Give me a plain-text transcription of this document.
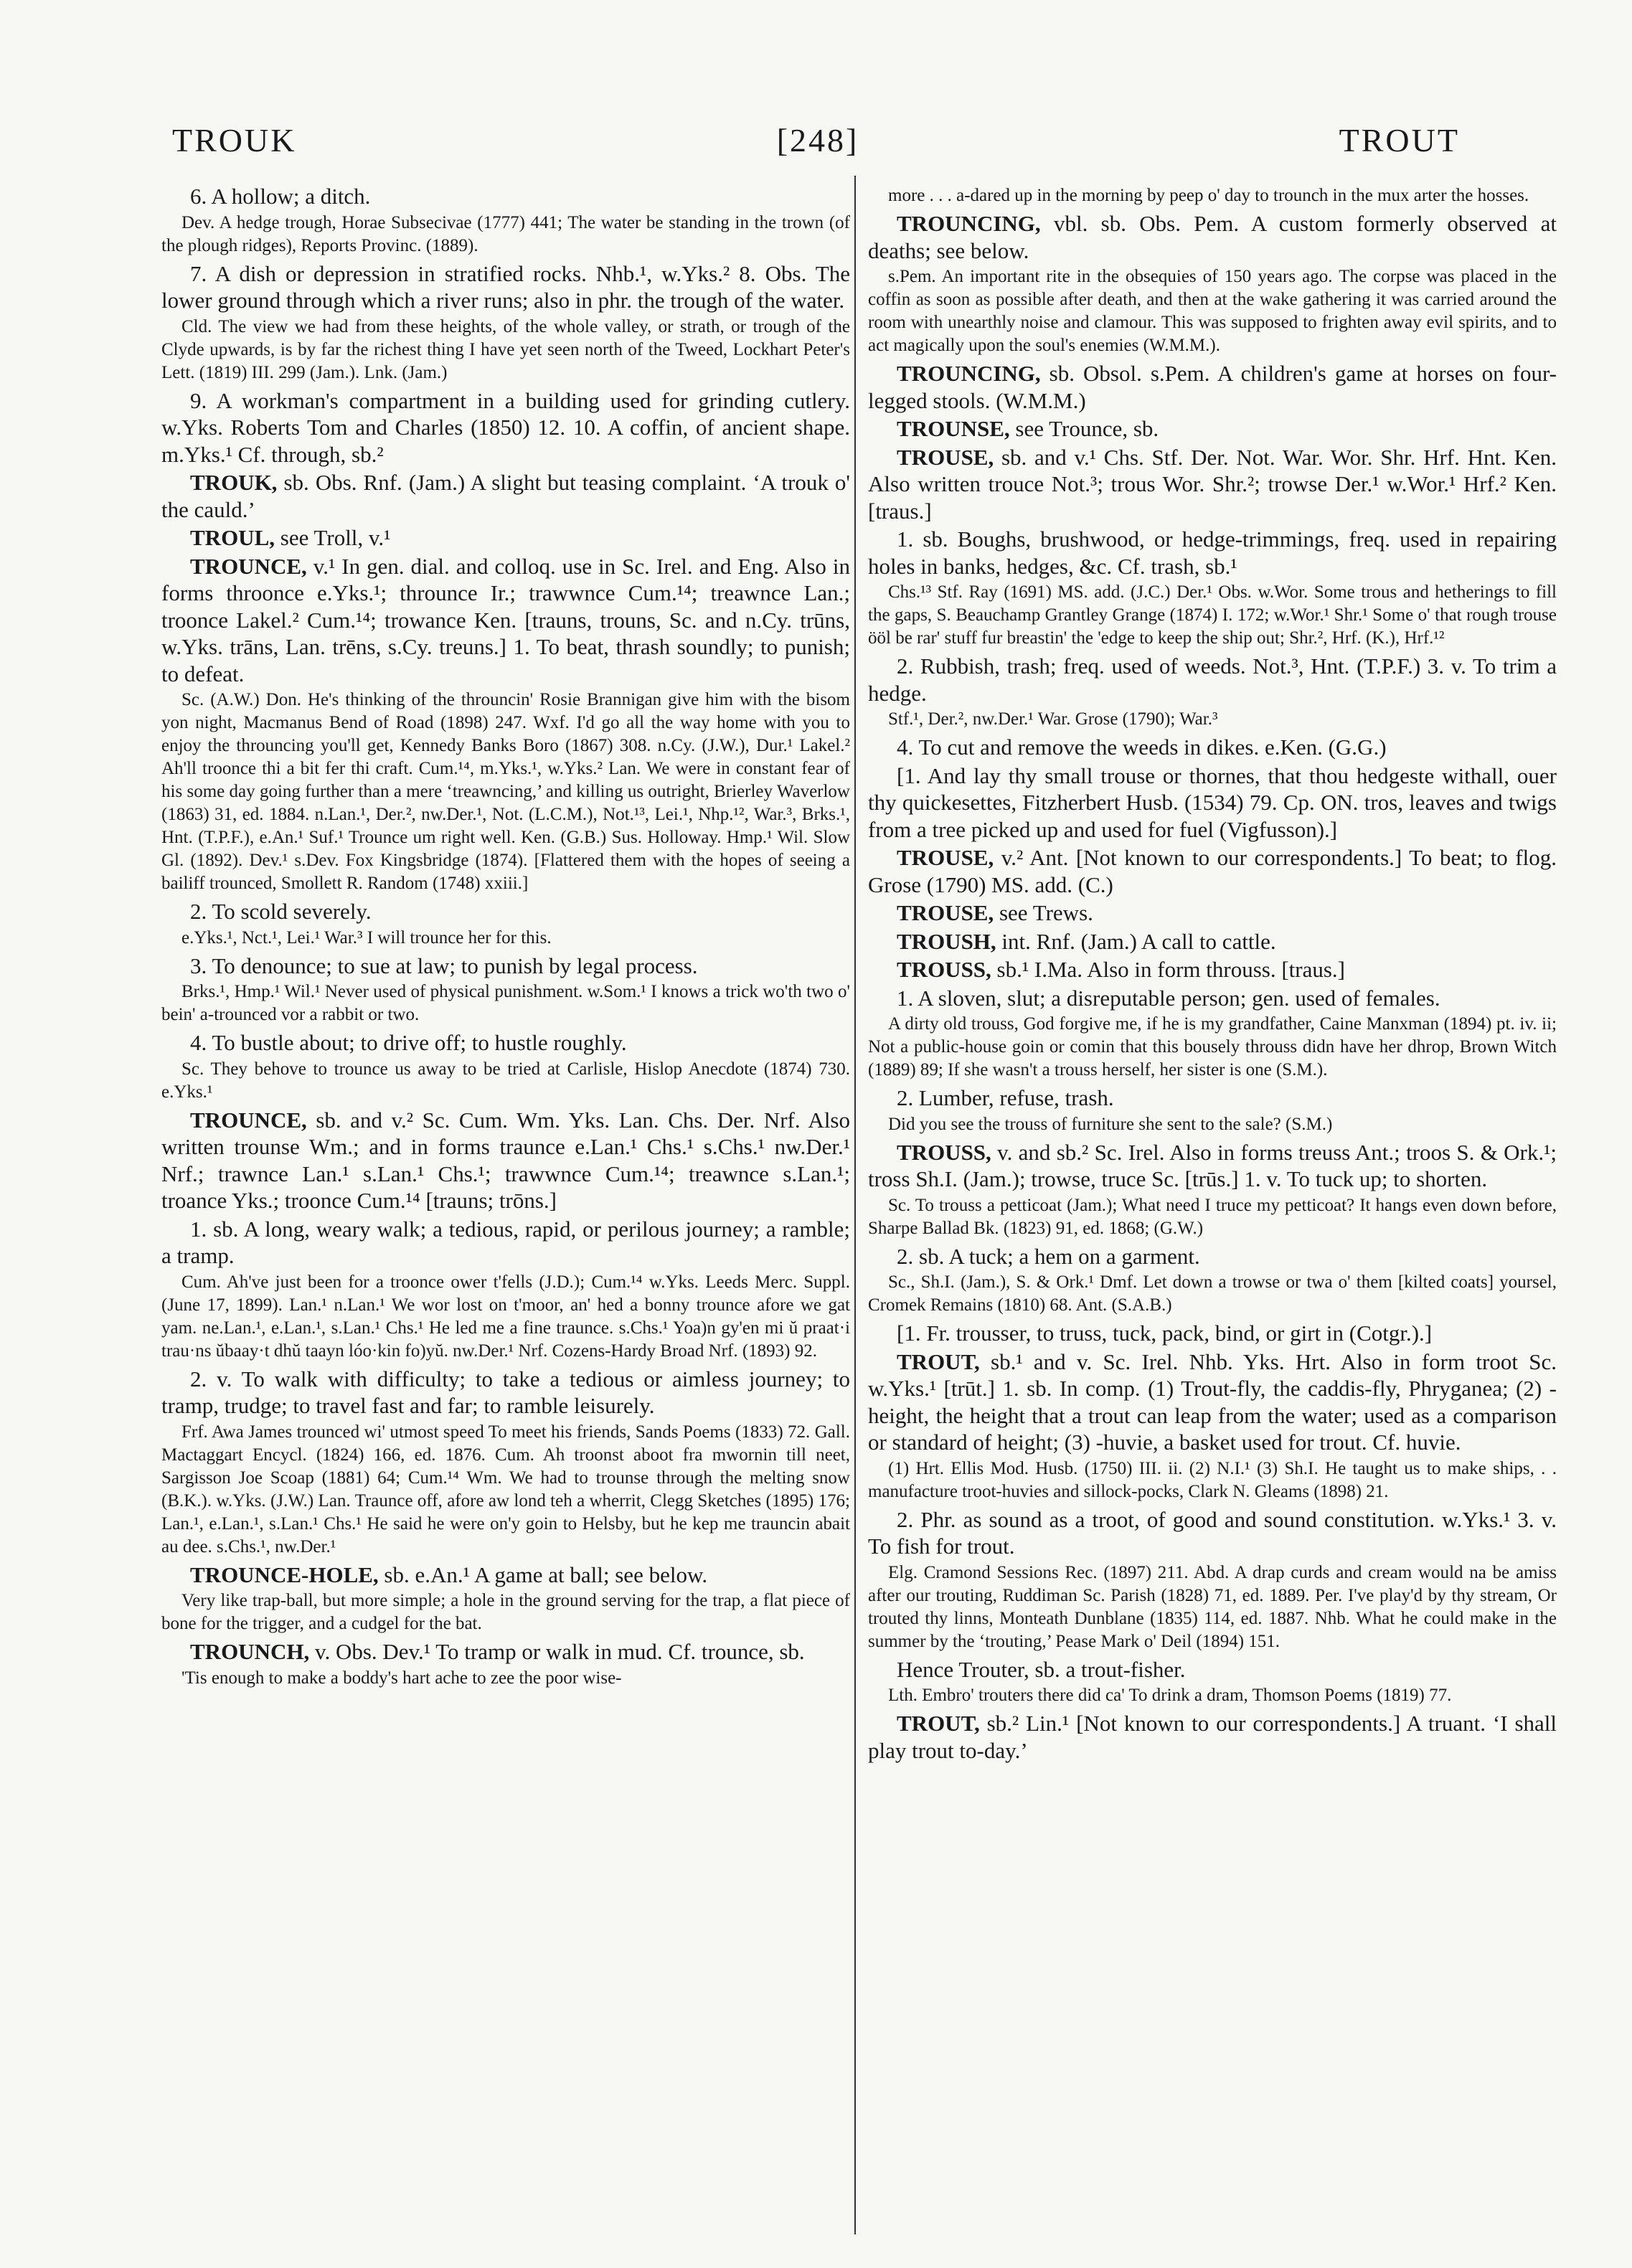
TROUK	[248]	TROUT
6. A hollow; a ditch.
Dev. A hedge trough, Horae Subsecivae (1777) 441; The water be standing in the trown (of the plough ridges), Reports Provinc. (1889).
7. A dish or depression in stratified rocks. Nhb.¹, w.Yks.² 8. Obs. The lower ground through which a river runs; also in phr. the trough of the water.
Cld. The view we had from these heights, of the whole valley, or strath, or trough of the Clyde upwards, is by far the richest thing I have yet seen north of the Tweed, Lockhart Peter's Lett. (1819) III. 299 (Jam.). Lnk. (Jam.)
9. A workman's compartment in a building used for grinding cutlery. w.Yks. Roberts Tom and Charles (1850) 12. 10. A coffin, of ancient shape. m.Yks.¹ Cf. through, sb.²
TROUK, sb. Obs. Rnf. (Jam.) A slight but teasing complaint. ‘A trouk o' the cauld.’
TROUL, see Troll, v.¹
TROUNCE, v.¹ In gen. dial. and colloq. use in Sc. Irel. and Eng. Also in forms throonce e.Yks.¹; throunce Ir.; trawwnce Cum.¹⁴; treawnce Lan.; troonce Lakel.² Cum.¹⁴; trowance Ken. [trauns, trouns, Sc. and n.Cy. trūns, w.Yks. trāns, Lan. trēns, s.Cy. treuns.] 1. To beat, thrash soundly; to punish; to defeat.
Sc. (A.W.) Don. He's thinking of the throuncin' Rosie Brannigan give him with the bisom yon night, Macmanus Bend of Road (1898) 247. Wxf. I'd go all the way home with you to enjoy the throuncing you'll get, Kennedy Banks Boro (1867) 308. n.Cy. (J.W.), Dur.¹ Lakel.² Ah'll troonce thi a bit fer thi craft. Cum.¹⁴, m.Yks.¹, w.Yks.² Lan. We were in constant fear of his some day going further than a mere ‘treawncing,’ and killing us outright, Brierley Waverlow (1863) 31, ed. 1884. n.Lan.¹, Der.², nw.Der.¹, Not. (L.C.M.), Not.¹³, Lei.¹, Nhp.¹², War.³, Brks.¹, Hnt. (T.P.F.), e.An.¹ Suf.¹ Trounce um right well. Ken. (G.B.) Sus. Holloway. Hmp.¹ Wil. Slow Gl. (1892). Dev.¹ s.Dev. Fox Kingsbridge (1874). [Flattered them with the hopes of seeing a bailiff trounced, Smollett R. Random (1748) xxiii.]
2. To scold severely.
e.Yks.¹, Nct.¹, Lei.¹ War.³ I will trounce her for this.
3. To denounce; to sue at law; to punish by legal process.
Brks.¹, Hmp.¹ Wil.¹ Never used of physical punishment. w.Som.¹ I knows a trick wo'th two o' bein' a-trounced vor a rabbit or two.
4. To bustle about; to drive off; to hustle roughly.
Sc. They behove to trounce us away to be tried at Carlisle, Hislop Anecdote (1874) 730. e.Yks.¹
TROUNCE, sb. and v.² Sc. Cum. Wm. Yks. Lan. Chs. Der. Nrf. Also written trounse Wm.; and in forms traunce e.Lan.¹ Chs.¹ s.Chs.¹ nw.Der.¹ Nrf.; trawnce Lan.¹ s.Lan.¹ Chs.¹; trawwnce Cum.¹⁴; treawnce s.Lan.¹; troance Yks.; troonce Cum.¹⁴ [trauns; trōns.]
1. sb. A long, weary walk; a tedious, rapid, or perilous journey; a ramble; a tramp.
Cum. Ah've just been for a troonce ower t'fells (J.D.); Cum.¹⁴ w.Yks. Leeds Merc. Suppl. (June 17, 1899). Lan.¹ n.Lan.¹ We wor lost on t'moor, an' hed a bonny trounce afore we gat yam. ne.Lan.¹, e.Lan.¹, s.Lan.¹ Chs.¹ He led me a fine traunce. s.Chs.¹ Yoa)n gy'en mi ŭ praat·i trau·ns ŭbaay·t dhŭ taayn lóo·kin fo)yŭ. nw.Der.¹ Nrf. Cozens-Hardy Broad Nrf. (1893) 92.
2. v. To walk with difficulty; to take a tedious or aimless journey; to tramp, trudge; to travel fast and far; to ramble leisurely.
Frf. Awa James trounced wi' utmost speed To meet his friends, Sands Poems (1833) 72. Gall. Mactaggart Encycl. (1824) 166, ed. 1876. Cum. Ah troonst aboot fra mwornin till neet, Sargisson Joe Scoap (1881) 64; Cum.¹⁴ Wm. We had to trounse through the melting snow (B.K.). w.Yks. (J.W.) Lan. Traunce off, afore aw lond teh a wherrit, Clegg Sketches (1895) 176; Lan.¹, e.Lan.¹, s.Lan.¹ Chs.¹ He said he were on'y goin to Helsby, but he kep me trauncin abait au dee. s.Chs.¹, nw.Der.¹
TROUNCE-HOLE, sb. e.An.¹ A game at ball; see below.
Very like trap-ball, but more simple; a hole in the ground serving for the trap, a flat piece of bone for the trigger, and a cudgel for the bat.
TROUNCH, v. Obs. Dev.¹ To tramp or walk in mud. Cf. trounce, sb.
'Tis enough to make a boddy's hart ache to zee the poor wise-
more . . . a-dared up in the morning by peep o' day to trounch in the mux arter the hosses.
TROUNCING, vbl. sb. Obs. Pem. A custom formerly observed at deaths; see below.
s.Pem. An important rite in the obsequies of 150 years ago. The corpse was placed in the coffin as soon as possible after death, and then at the wake gathering it was carried around the room with unearthly noise and clamour. This was supposed to frighten away evil spirits, and to act magically upon the soul's enemies (W.M.M.).
TROUNCING, sb. Obsol. s.Pem. A children's game at horses on four-legged stools. (W.M.M.)
TROUNSE, see Trounce, sb.
TROUSE, sb. and v.¹ Chs. Stf. Der. Not. War. Wor. Shr. Hrf. Hnt. Ken. Also written trouce Not.³; trous Wor. Shr.²; trowse Der.¹ w.Wor.¹ Hrf.² Ken. [traus.]
1. sb. Boughs, brushwood, or hedge-trimmings, freq. used in repairing holes in banks, hedges, &c. Cf. trash, sb.¹
Chs.¹³ Stf. Ray (1691) MS. add. (J.C.) Der.¹ Obs. w.Wor. Some trous and hetherings to fill the gaps, S. Beauchamp Grantley Grange (1874) I. 172; w.Wor.¹ Shr.¹ Some o' that rough trouse ööl be rar' stuff fur breastin' the 'edge to keep the ship out; Shr.², Hrf. (K.), Hrf.¹²
2. Rubbish, trash; freq. used of weeds. Not.³, Hnt. (T.P.F.) 3. v. To trim a hedge.
Stf.¹, Der.², nw.Der.¹ War. Grose (1790); War.³
4. To cut and remove the weeds in dikes. e.Ken. (G.G.)
[1. And lay thy small trouse or thornes, that thou hedgeste withall, ouer thy quickesettes, Fitzherbert Husb. (1534) 79. Cp. ON. tros, leaves and twigs from a tree picked up and used for fuel (Vigfusson).]
TROUSE, v.² Ant. [Not known to our correspondents.] To beat; to flog. Grose (1790) MS. add. (C.)
TROUSE, see Trews.
TROUSH, int. Rnf. (Jam.) A call to cattle.
TROUSS, sb.¹ I.Ma. Also in form throuss. [traus.]
1. A sloven, slut; a disreputable person; gen. used of females.
A dirty old trouss, God forgive me, if he is my grandfather, Caine Manxman (1894) pt. iv. ii; Not a public-house goin or comin that this bousely throuss didn have her dhrop, Brown Witch (1889) 89; If she wasn't a trouss herself, her sister is one (S.M.).
2. Lumber, refuse, trash.
Did you see the trouss of furniture she sent to the sale? (S.M.)
TROUSS, v. and sb.² Sc. Irel. Also in forms treuss Ant.; troos S. & Ork.¹; tross Sh.I. (Jam.); trowse, truce Sc. [trūs.] 1. v. To tuck up; to shorten.
Sc. To trouss a petticoat (Jam.); What need I truce my petticoat? It hangs even down before, Sharpe Ballad Bk. (1823) 91, ed. 1868; (G.W.)
2. sb. A tuck; a hem on a garment.
Sc., Sh.I. (Jam.), S. & Ork.¹ Dmf. Let down a trowse or twa o' them [kilted coats] yoursel, Cromek Remains (1810) 68. Ant. (S.A.B.)
[1. Fr. trousser, to truss, tuck, pack, bind, or girt in (Cotgr.).]
TROUT, sb.¹ and v. Sc. Irel. Nhb. Yks. Hrt. Also in form troot Sc. w.Yks.¹ [trūt.] 1. sb. In comp. (1) Trout-fly, the caddis-fly, Phryganea; (2) -height, the height that a trout can leap from the water; used as a comparison or standard of height; (3) -huvie, a basket used for trout. Cf. huvie.
(1) Hrt. Ellis Mod. Husb. (1750) III. ii. (2) N.I.¹ (3) Sh.I. He taught us to make ships, . . manufacture troot-huvies and sillock-pocks, Clark N. Gleams (1898) 21.
2. Phr. as sound as a troot, of good and sound constitution. w.Yks.¹ 3. v. To fish for trout.
Elg. Cramond Sessions Rec. (1897) 211. Abd. A drap curds and cream would na be amiss after our trouting, Ruddiman Sc. Parish (1828) 71, ed. 1889. Per. I've play'd by thy stream, Or trouted thy linns, Monteath Dunblane (1835) 114, ed. 1887. Nhb. What he could make in the summer by the ‘trouting,’ Pease Mark o' Deil (1894) 151.
Hence Trouter, sb. a trout-fisher.
Lth. Embro' trouters there did ca' To drink a dram, Thomson Poems (1819) 77.
TROUT, sb.² Lin.¹ [Not known to our correspondents.] A truant. ‘I shall play trout to-day.’
